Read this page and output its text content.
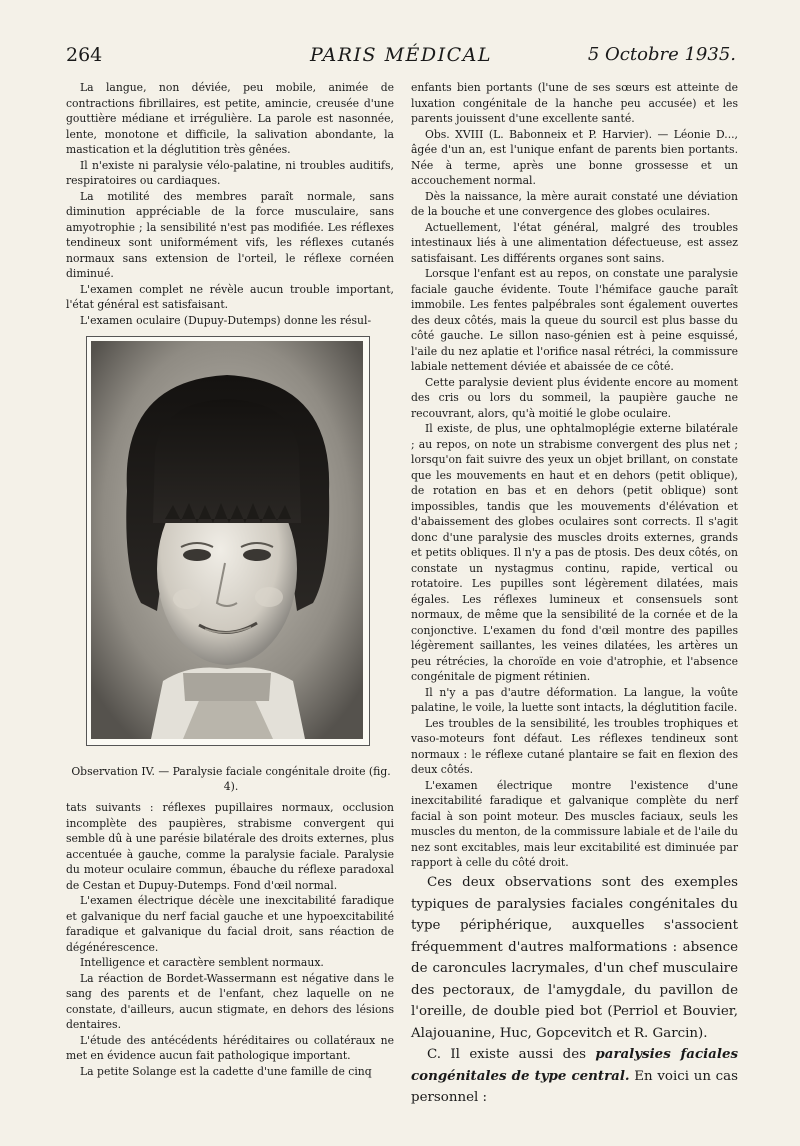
264	PARIS MÉDICAL	5 Octobre 1935.

La langue, non déviée, peu mobile, animée de contractions fibrillaires, est petite, amincie, creusée d'une gouttière médiane et irrégulière. La parole est nasonnée, lente, monotone et difficile, la salivation abondante, la mastication et la déglutition très gênées.

Il n'existe ni paralysie vélo-palatine, ni troubles auditifs, respiratoires ou cardiaques.

La motilité des membres paraît normale, sans diminution appréciable de la force musculaire, sans amyotrophie ; la sensibilité n'est pas modifiée. Les réflexes tendineux sont uniformément vifs, les réflexes cutanés normaux sans extension de l'orteil, le réflexe cornéen diminué.

L'examen complet ne révèle aucun trouble important, l'état général est satisfaisant.

L'examen oculaire (Dupuy-Dutemps) donne les résul-

Observation IV. — Paralysie faciale congénitale droite (fig. 4).

tats suivants : réflexes pupillaires normaux, occlusion incomplète des paupières, strabisme convergent qui semble dû à une parésie bilatérale des droits externes, plus accentuée à gauche, comme la paralysie faciale. Paralysie du moteur oculaire commun, ébauche du réflexe paradoxal de Cestan et Dupuy-Dutemps. Fond d'œil normal.

L'examen électrique décèle une inexcitabilité faradique et galvanique du nerf facial gauche et une hypoexcitabilité faradique et galvanique du facial droit, sans réaction de dégénérescence.

Intelligence et caractère semblent normaux.

La réaction de Bordet-Wassermann est négative dans le sang des parents et de l'enfant, chez laquelle on ne constate, d'ailleurs, aucun stigmate, en dehors des lésions dentaires.

L'étude des antécédents héréditaires ou collatéraux ne met en évidence aucun fait pathologique important.

La petite Solange est la cadette d'une famille de cinq

enfants bien portants (l'une de ses sœurs est atteinte de luxation congénitale de la hanche peu accusée) et les parents jouissent d'une excellente santé.

Obs. XVIII (L. Babonneix et P. Harvier). — Léonie D..., âgée d'un an, est l'unique enfant de parents bien portants. Née à terme, après une bonne grossesse et un accouchement normal.

Dès la naissance, la mère aurait constaté une déviation de la bouche et une convergence des globes oculaires.

Actuellement, l'état général, malgré des troubles intestinaux liés à une alimentation défectueuse, est assez satisfaisant. Les différents organes sont sains.

Lorsque l'enfant est au repos, on constate une paralysie faciale gauche évidente. Toute l'hémiface gauche paraît immobile. Les fentes palpébrales sont également ouvertes des deux côtés, mais la queue du sourcil est plus basse du côté gauche. Le sillon naso-génien est à peine esquissé, l'aile du nez aplatie et l'orifice nasal rétréci, la commissure labiale nettement déviée et abaissée de ce côté.

Cette paralysie devient plus évidente encore au moment des cris ou lors du sommeil, la paupière gauche ne recouvrant, alors, qu'à moitié le globe oculaire.

Il existe, de plus, une ophtalmoplégie externe bilatérale ; au repos, on note un strabisme convergent des plus net ; lorsqu'on fait suivre des yeux un objet brillant, on constate que les mouvements en haut et en dehors (petit oblique), de rotation en bas et en dehors (petit oblique) sont impossibles, tandis que les mouvements d'élévation et d'abaissement des globes oculaires sont corrects. Il s'agit donc d'une paralysie des muscles droits externes, grands et petits obliques. Il n'y a pas de ptosis. Des deux côtés, on constate un nystagmus continu, rapide, vertical ou rotatoire. Les pupilles sont légèrement dilatées, mais égales. Les réflexes lumineux et consensuels sont normaux, de même que la sensibilité de la cornée et de la conjonctive. L'examen du fond d'œil montre des papilles légèrement saillantes, les veines dilatées, les artères un peu rétrécies, la choroïde en voie d'atrophie, et l'absence congénitale de pigment rétinien.

Il n'y a pas d'autre déformation. La langue, la voûte palatine, le voile, la luette sont intacts, la déglutition facile.

Les troubles de la sensibilité, les troubles trophiques et vaso-moteurs font défaut. Les réflexes tendineux sont normaux : le réflexe cutané plantaire se fait en flexion des deux côtés.

L'examen électrique montre l'existence d'une inexcitabilité faradique et galvanique complète du nerf facial à son point moteur. Des muscles faciaux, seuls les muscles du menton, de la commissure labiale et de l'aile du nez sont excitables, mais leur excitabilité est diminuée par rapport à celle du côté droit.

Ces deux observations sont des exemples typiques de paralysies faciales congénitales du type périphérique, auxquelles s'associent fréquemment d'autres malformations : absence de caroncules lacrymales, d'un chef musculaire des pectoraux, de l'amygdale, du pavillon de l'oreille, de double pied bot (Perriol et Bouvier, Alajouanine, Huc, Gopcevitch et R. Garcin).

C. Il existe aussi des paralysies faciales congénitales de type central. En voici un cas personnel :
